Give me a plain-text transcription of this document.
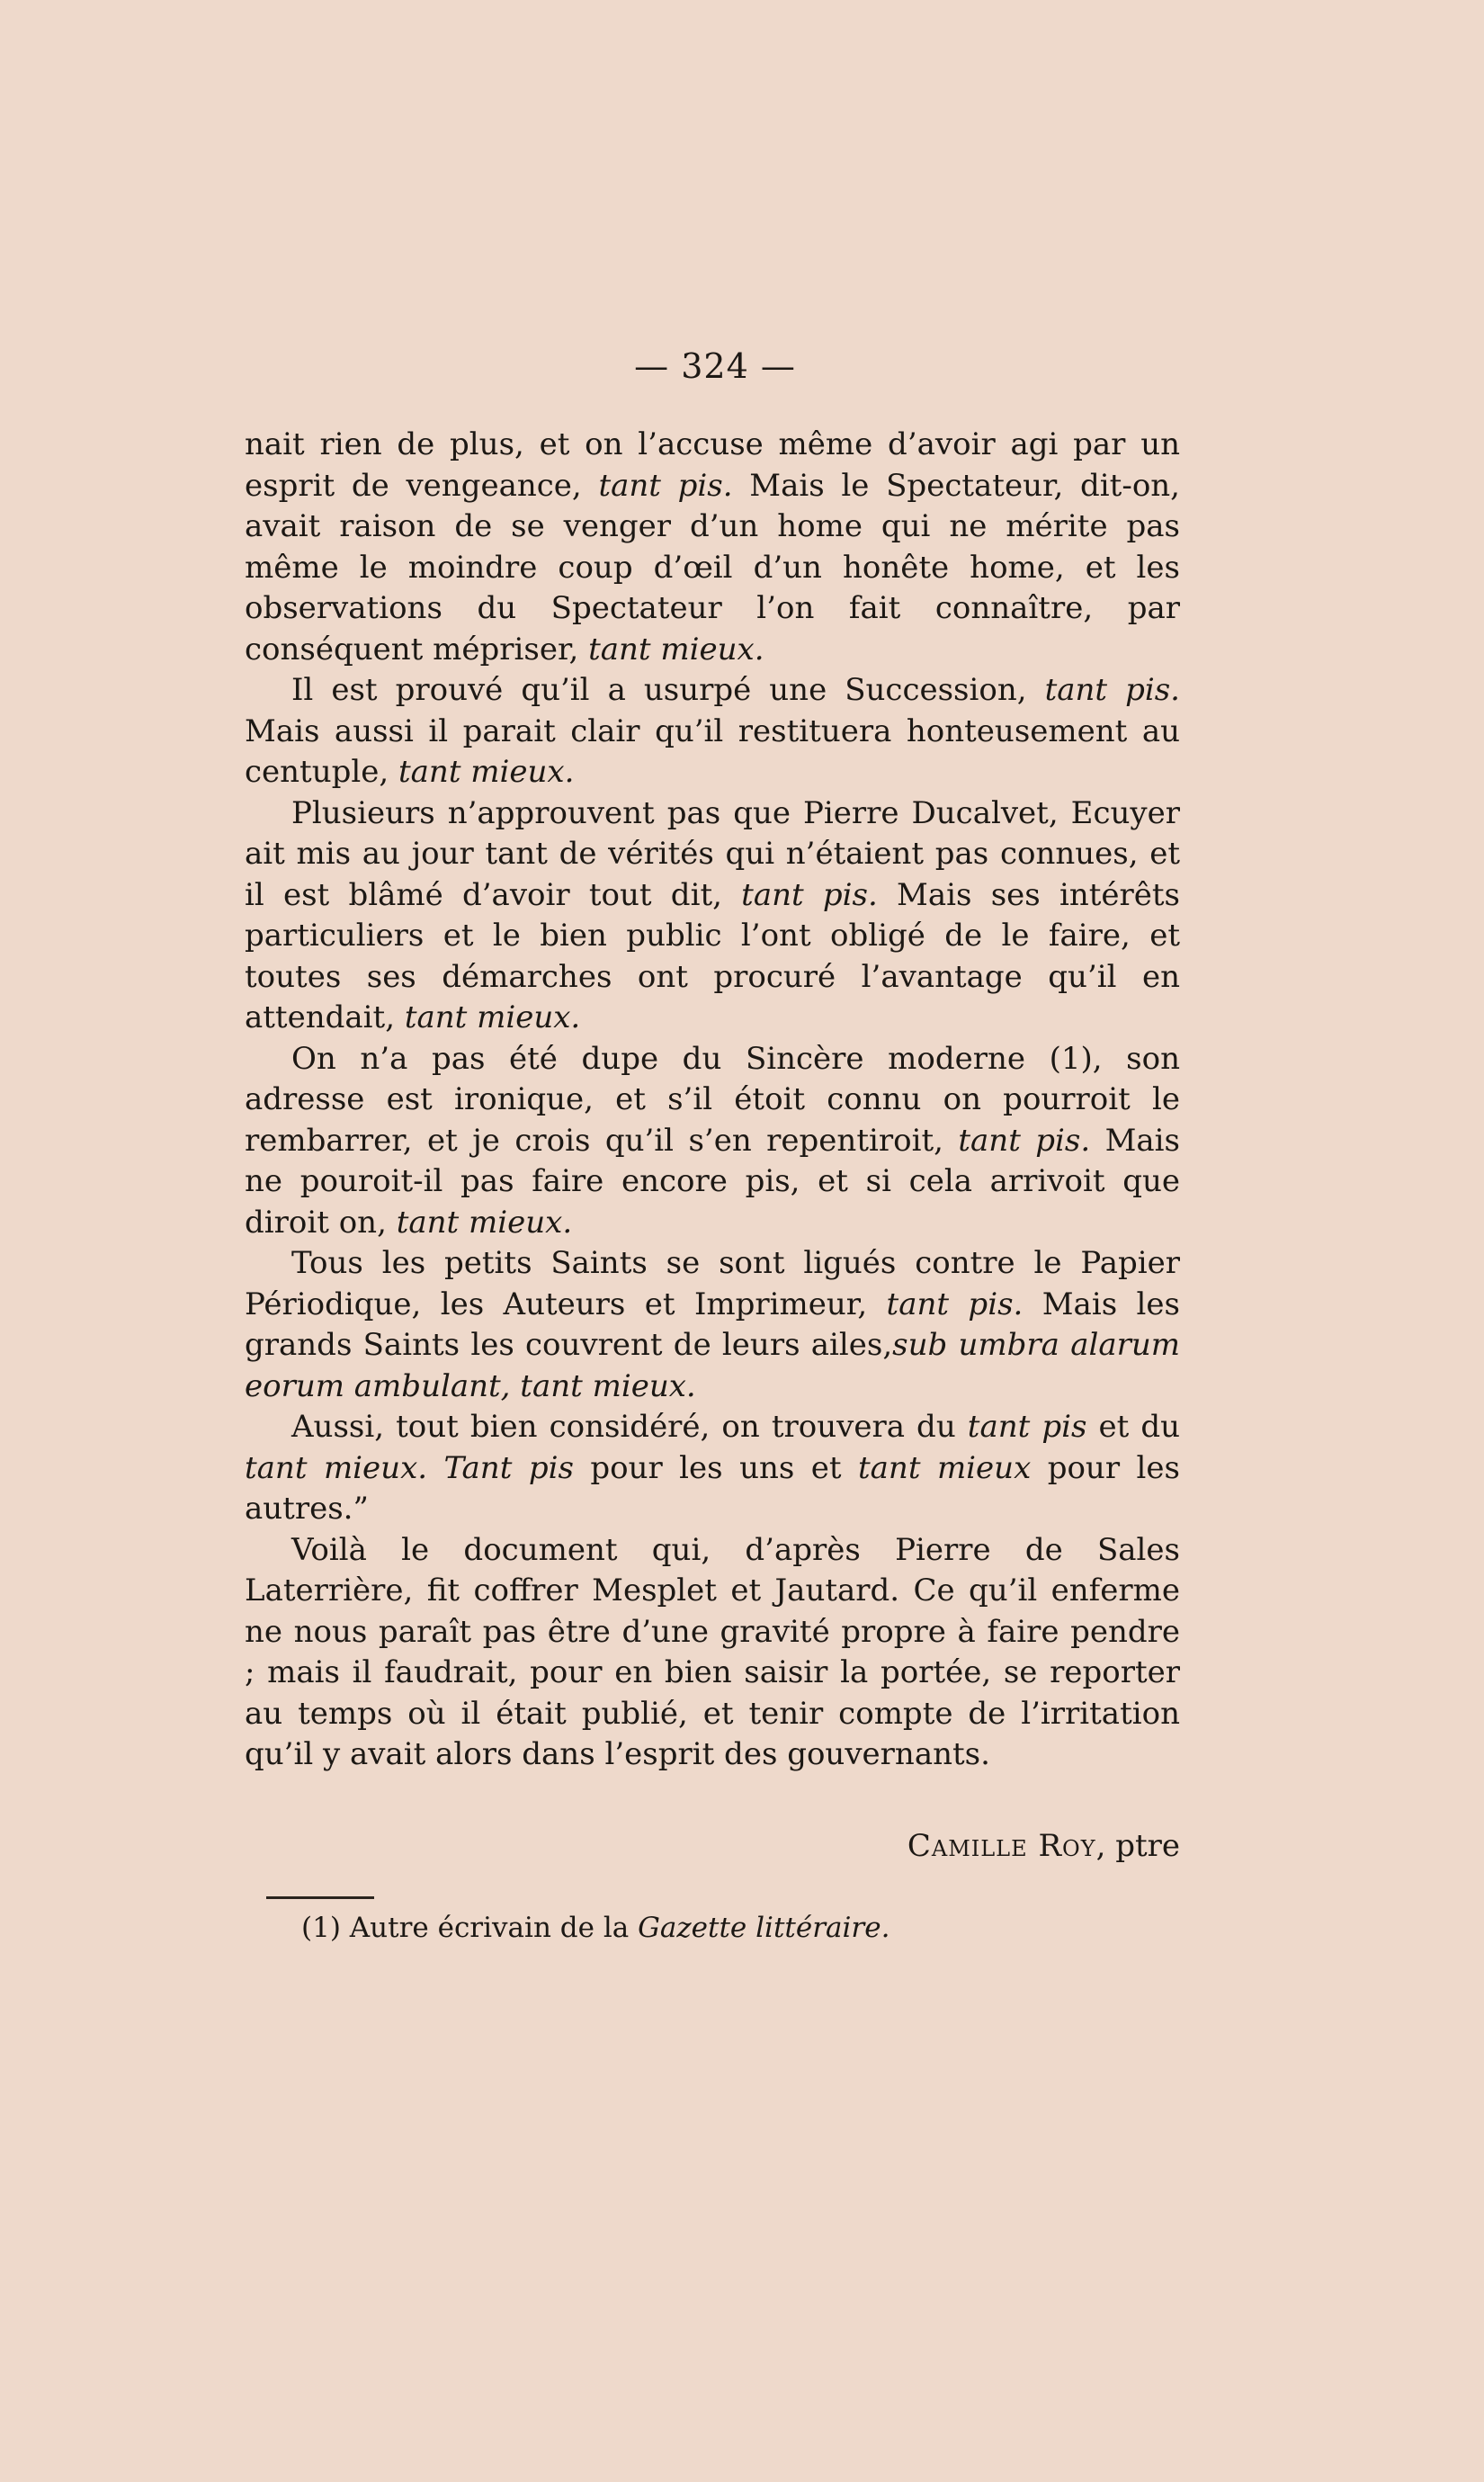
— 324 —

nait rien de plus, et on l’accuse même d’avoir agi par un esprit de vengeance, tant pis. Mais le Spectateur, dit-on, avait raison de se venger d’un home qui ne mérite pas même le moindre coup d’œil d’un honête home, et les observations du Spectateur l’on fait connaître, par conséquent mépriser, tant mieux.

Il est prouvé qu’il a usurpé une Succession, tant pis. Mais aussi il parait clair qu’il restituera honteusement au centuple, tant mieux.

Plusieurs n’approuvent pas que Pierre Ducalvet, Ecuyer ait mis au jour tant de vérités qui n’étaient pas connues, et il est blâmé d’avoir tout dit, tant pis. Mais ses intérêts particuliers et le bien public l’ont obligé de le faire, et toutes ses démarches ont procuré l’avantage qu’il en attendait, tant mieux.

On n’a pas été dupe du Sincère moderne (1), son adresse est ironique, et s’il étoit connu on pourroit le rembarrer, et je crois qu’il s’en repentiroit, tant pis. Mais ne pouroit-il pas faire encore pis, et si cela arrivoit que diroit on, tant mieux.

Tous les petits Saints se sont ligués contre le Papier Périodique, les Auteurs et Imprimeur, tant pis. Mais les grands Saints les couvrent de leurs ailes,sub umbra alarum eorum ambulant, tant mieux.

Aussi, tout bien considéré, on trouvera du tant pis et du tant mieux. Tant pis pour les uns et tant mieux pour les autres.”

Voilà le document qui, d’après Pierre de Sales Laterrière, fit coffrer Mesplet et Jautard. Ce qu’il enferme ne nous paraît pas être d’une gravité propre à faire pendre ; mais il faudrait, pour en bien saisir la portée, se reporter au temps où il était publié, et tenir compte de l’irritation qu’il y avait alors dans l’esprit des gouvernants.

Camille Roy, ptre
(1) Autre écrivain de la Gazette littéraire.
